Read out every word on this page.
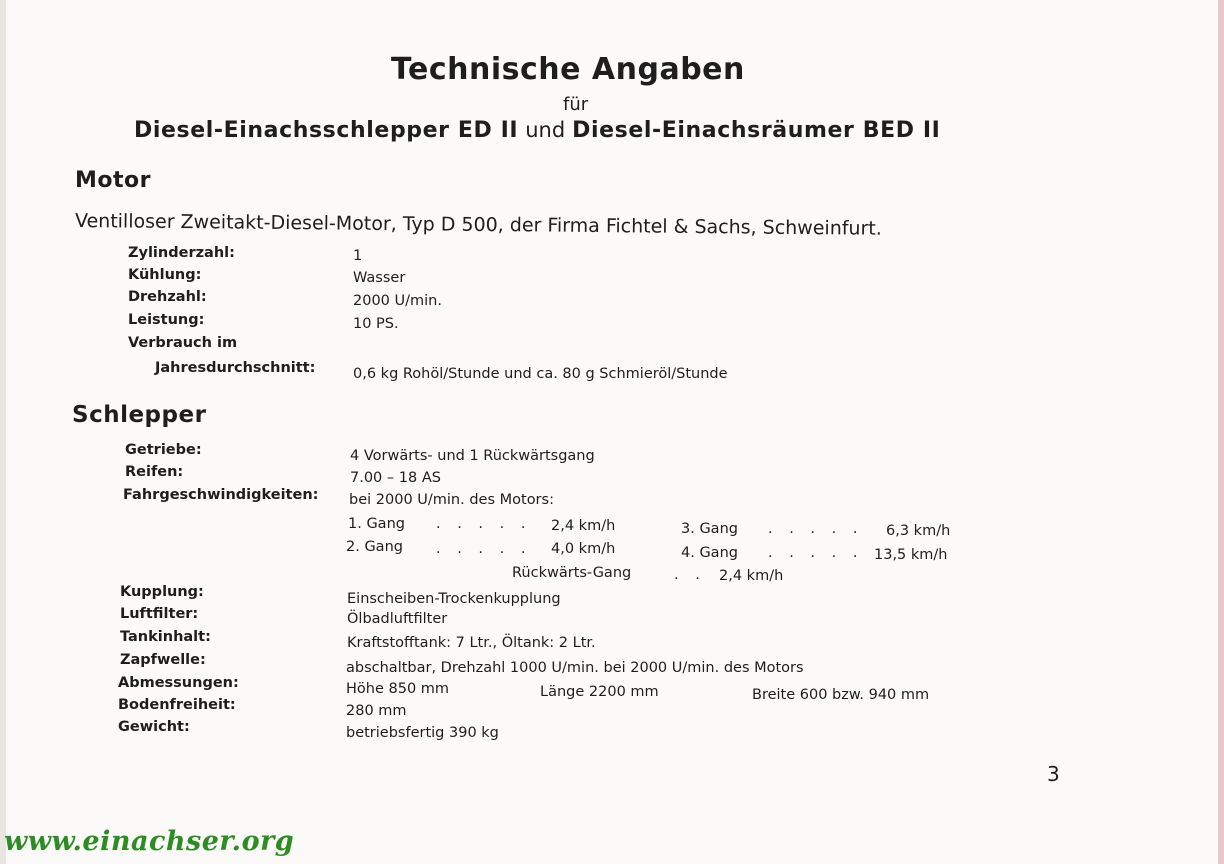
Technische Angaben
für
Diesel-Einachsschlepper ED II und Diesel-Einachsräumer BED II
Motor
Ventilloser Zweitakt-Diesel-Motor, Typ D 500, der Firma Fichtel & Sachs, Schweinfurt.
Zylinderzahl:	1
Kühlung:	Wasser
Drehzahl:	2000 U/min.
Leistung:	10 PS.
Verbrauch im
Jahresdurchschnitt:	0,6 kg Rohöl/Stunde und ca. 80 g Schmieröl/Stunde
Schlepper
Getriebe:	4 Vorwärts- und 1 Rückwärtsgang
Reifen:	7.00 – 18 AS
Fahrgeschwindigkeiten: bei 2000 U/min. des Motors:
1. Gang . . . . . 2,4 km/h
2. Gang . . . . . 4,0 km/h
3. Gang . . . . . 6,3 km/h
4. Gang . . . . . 13,5 km/h
Rückwärts-Gang	. . 2,4 km/h
Kupplung:	Einscheiben-Trockenkupplung
Luftfilter:	Ölbadluftfilter
Tankinhalt:	Kraftstofftank: 7 Ltr., Öltank: 2 Ltr.
Zapfwelle:	abschaltbar, Drehzahl 1000 U/min. bei 2000 U/min. des Motors
Abmessungen:	Höhe 850 mm	Länge 2200 mm	Breite 600 bzw. 940 mm
Bodenfreiheit:	280 mm
Gewicht:	betriebsfertig 390 kg
3
www.einachser.org
